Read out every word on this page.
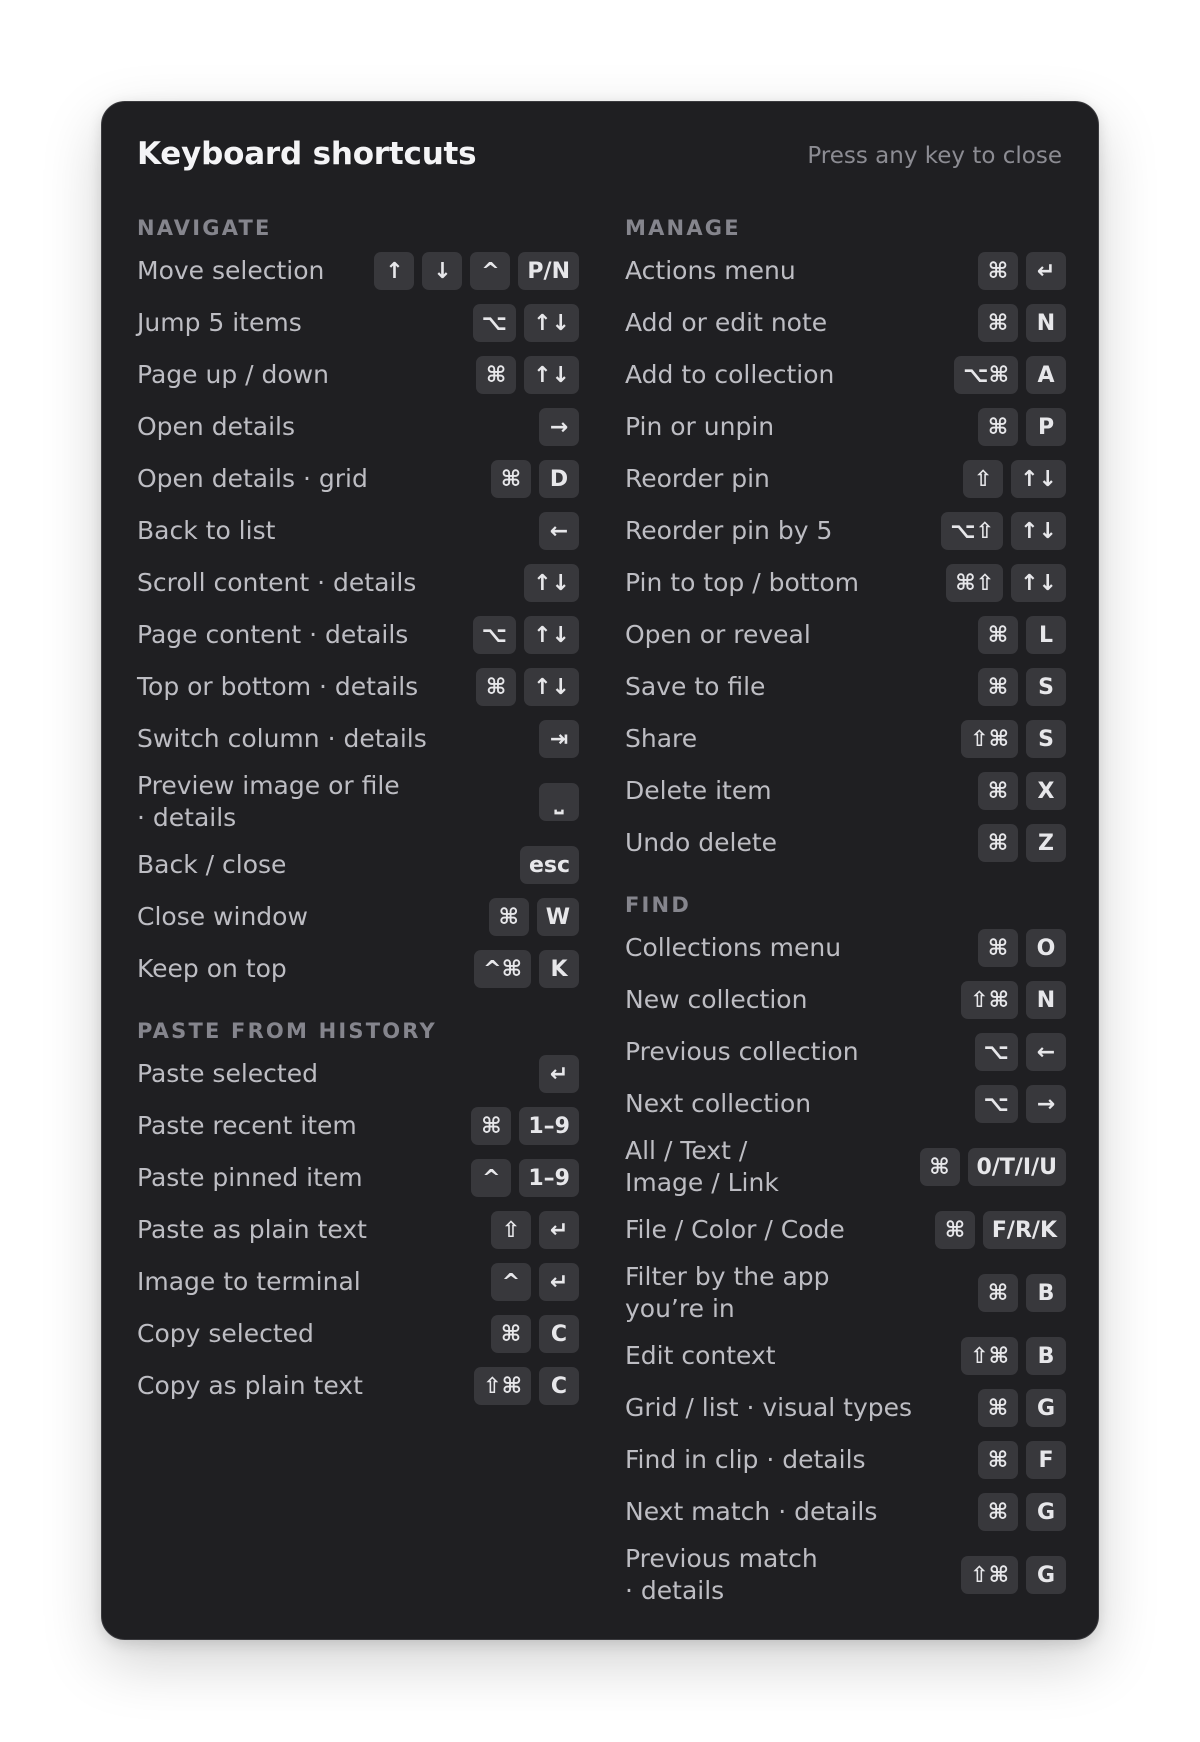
Keyboard shortcuts	Press any key to close
NAVIGATE
Move selection	↑	↓	^	P/N
Jump 5 items	⌥	↑↓
Page up / down	⌘	↑↓
Open details	→
Open details · grid	⌘	D
Back to list	←
Scroll content · details	↑↓
Page content · details	⌥	↑↓
Top or bottom · details	⌘	↑↓
Switch column · details	⇥
Preview image or file
· details
⎵
Back / close	esc
Close window	⌘	W
Keep on top	^⌘	K
PASTE FROM HISTORY
Paste selected	↵
Paste recent item	⌘	1–9
Paste pinned item	^	1–9
Paste as plain text	⇧	↵
Image to terminal	^	↵
Copy selected	⌘	C
Copy as plain text	⇧⌘	C
MANAGE
Actions menu	⌘	↵
Add or edit note	⌘	N
Add to collection	⌥⌘	A
Pin or unpin	⌘	P
Reorder pin	⇧	↑↓
Reorder pin by 5	⌥⇧	↑↓
Pin to top / bottom	⌘⇧	↑↓
Open or reveal	⌘	L
Save to file	⌘	S
Share	⇧⌘	S
Delete item	⌘	X
Undo delete	⌘	Z
FIND
Collections menu	⌘	O
New collection	⇧⌘	N
Previous collection	⌥	←
Next collection	⌥	→
All / Text /
Image / Link
⌘	0/T/I/U
File / Color / Code	⌘	F/R/K
Filter by the app
you’re in
⌘	B
Edit context	⇧⌘	B
Grid / list · visual types	⌘	G
Find in clip · details	⌘	F
Next match · details	⌘	G
Previous match
· details
⇧⌘	G
